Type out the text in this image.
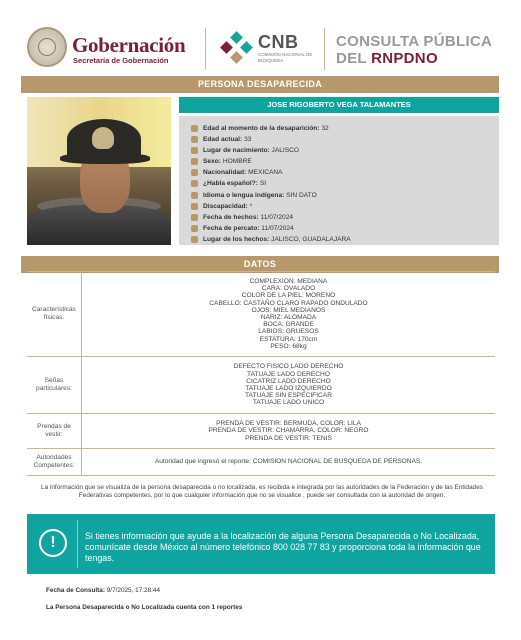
Gobernación
Secretaría de Gobernación
CNB
COMISIÓN NACIONAL DE BÚSQUEDA
CONSULTA PÚBLICA
DEL RNPDNO
PERSONA DESAPARECIDA
JOSE RIGOBERTO VEGA TALAMANTES
Edad al momento de la desaparición: 32
Edad actual: 33
Lugar de nacimiento: JALISCO
Sexo: HOMBRE
Nacionalidad: MEXICANA
¿Habla español?: SI
Idioma o lengua indígena: SIN DATO
Discapacidad: *
Fecha de hechos: 11/07/2024
Fecha de percato: 11/07/2024
Lugar de los hechos: JALISCO, GUADALAJARA
DATOS
Características físicas:
COMPLEXION: MEDIANA
CARA: OVALADO
COLOR DE LA PIEL: MORENO
CABELLO: CASTAÑO CLARO RAPADO ONDULADO
OJOS: MIEL MEDIANOS
NARIZ: ALOMADA
BOCA: GRANDE
LABIOS: GRUESOS
ESTATURA: 170cm
PESO: 68kg
Señas particulares:
DEFECTO FISICO LADO DERECHO
TATUAJE LADO DERECHO
CICATRIZ LADO DERECHO
TATUAJE LADO IZQUIERDO
TATUAJE SIN ESPECIFICAR
TATUAJE LADO UNICO
Prendas de vestir:
PRENDA DE VESTIR: BERMUDA, COLOR: LILA
PRENDA DE VESTIR: CHAMARRA, COLOR: NEGRO
PRENDA DE VESTIR: TENIS
Autoridades Competentes:
Autoridad que ingresó el reporte: COMISION NACIONAL DE BUSQUEDA DE PERSONAS.
La información que se visualiza de la persona desaparecida o no localizada, es recibida e integrada por las autoridades de la Federación y de las Entidades Federativas competentes, por lo que cualquier información que no se visualice , puede ser consultada con la autoridad de origen.
!	Si tienes información que ayude a la localización de alguna Persona Desaparecida o No Localizada, comunícate desde México al número telefónico 800 028 77 83 y proporciona toda la información que tengas.
Fecha de Consulta: 9/7/2025, 17:28:44
La Persona Desaparecida o No Localizada cuenta con 1 reportes
